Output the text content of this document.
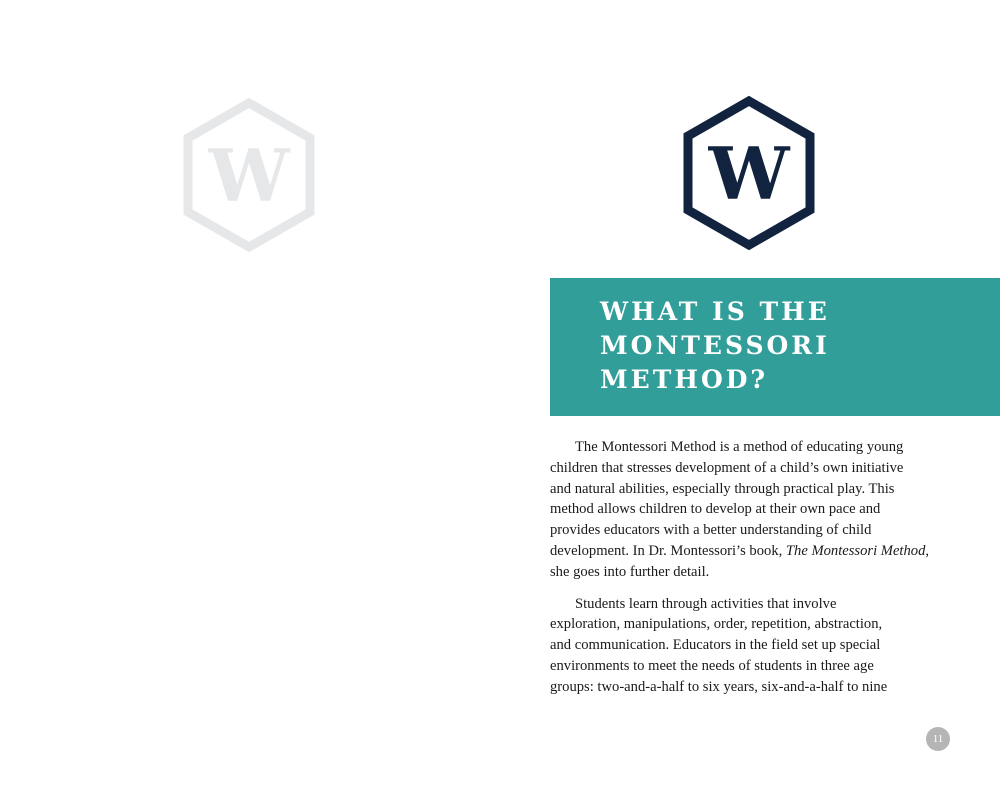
W	W
WHAT IS THE
MONTESSORI
METHOD?

The Montessori Method is a method of educating young
children that stresses development of a child’s own initiative
and natural abilities, especially through practical play. This
method allows children to develop at their own pace and
provides educators with a better understanding of child
development. In Dr. Montessori’s book, The Montessori Method,
she goes into further detail.

Students learn through activities that involve
exploration, manipulations, order, repetition, abstraction,
and communication. Educators in the field set up special
environments to meet the needs of students in three age
groups: two-and-a-half to six years, six-and-a-half to nine

11
